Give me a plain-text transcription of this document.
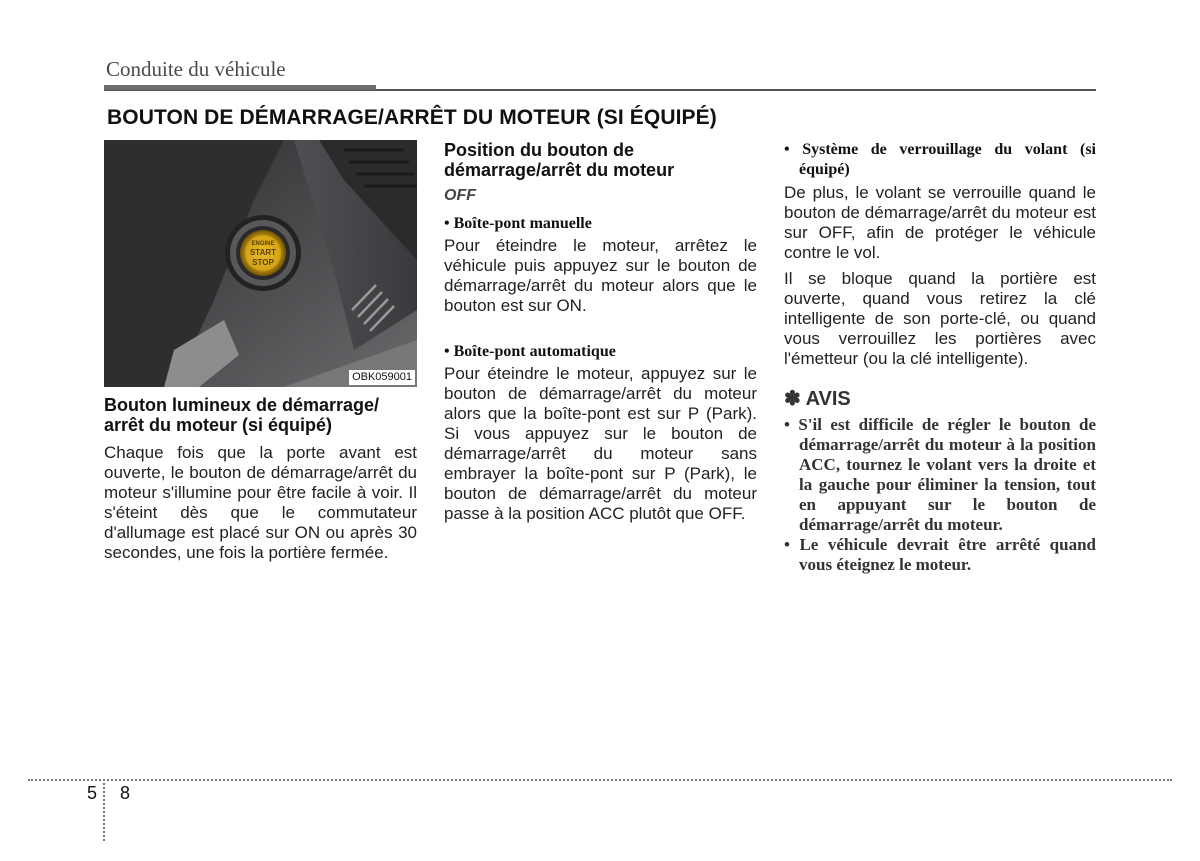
Conduite du véhicule
BOUTON DE DÉMARRAGE/ARRÊT DU MOTEUR (SI ÉQUIPÉ)
ENGINE
START
STOP
OBK059001

Bouton lumineux de démarrage/ arrêt du moteur (si équipé)

Chaque fois que la porte avant est ouverte, le bouton de démarrage/arrêt du moteur s'illumine pour être facile à voir. Il s'éteint dès que le commutateur d'allumage est placé sur ON ou après 30 secondes, une fois la portière fermée.

Position du bouton de démarrage/arrêt du moteur

OFF

• Boîte-pont manuelle

Pour éteindre le moteur, arrêtez le véhicule puis appuyez sur le bouton de démarrage/arrêt du moteur alors que le bouton est sur ON.

• Boîte-pont automatique

Pour éteindre le moteur, appuyez sur le bouton de démarrage/arrêt du moteur alors que la boîte-pont est sur P (Park). Si vous appuyez sur le bouton de démarrage/arrêt du moteur sans embrayer la boîte-pont sur P (Park), le bouton de démarrage/arrêt du moteur passe à la position ACC plutôt que OFF.

• Système de verrouillage du volant (si équipé)

De plus, le volant se verrouille quand le bouton de démarrage/arrêt du moteur est sur OFF, afin de protéger le véhicule contre le vol.

Il se bloque quand la portière est ouverte, quand vous retirez la clé intelligente de son porte-clé, ou quand vous verrouillez les portières avec l'émetteur (ou la clé intelligente).

✽ AVIS

• S'il est difficile de régler le bouton de démarrage/arrêt du moteur à la position ACC, tournez le volant vers la droite et la gauche pour éliminer la tension, tout en appuyant sur le bouton de démarrage/arrêt du moteur.

• Le véhicule devrait être arrêté quand vous éteignez le moteur.

5 8
